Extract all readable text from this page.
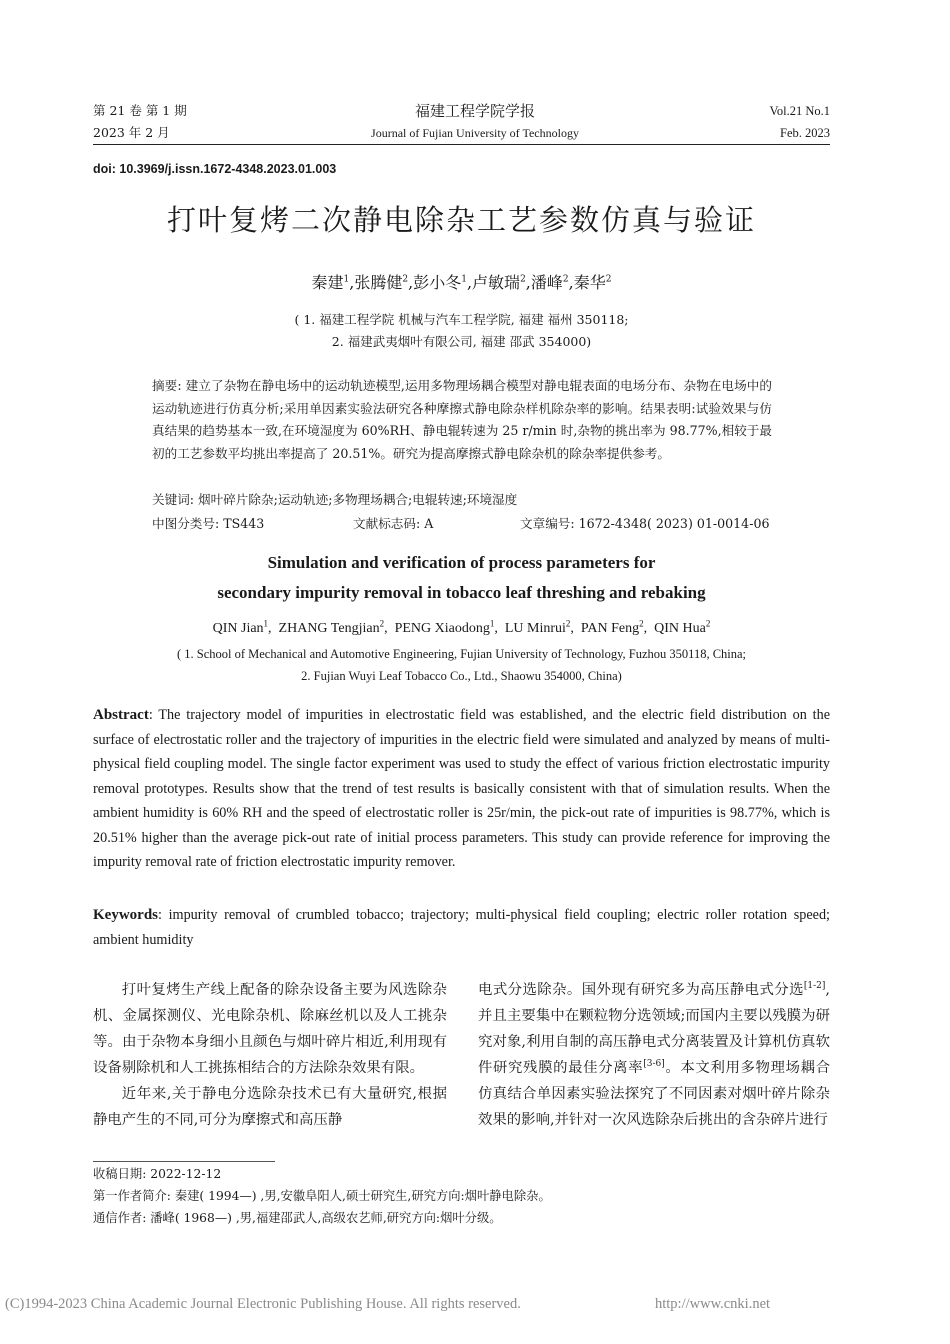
第 21 卷 第 1 期
2023 年 2 月
福建工程学院学报
Journal of Fujian University of Technology
Vol.21 No.1
Feb. 2023
doi: 10.3969/j.issn.1672-4348.2023.01.003
打叶复烤二次静电除杂工艺参数仿真与验证
秦建$^1$,张腾健$^2$,彭小冬$^1$,卢敏瑞$^2$,潘峰$^2$,秦华$^2$
( 1. 福建工程学院 机械与汽车工程学院, 福建 福州 350118;
2. 福建武夷烟叶有限公司, 福建 邵武 354000)
摘要: 建立了杂物在静电场中的运动轨迹模型,运用多物理场耦合模型对静电辊表面的电场分布、杂物在电场中的运动轨迹进行仿真分析;采用单因素实验法研究各种摩擦式静电除杂样机除杂率的影响。结果表明:试验效果与仿真结果的趋势基本一致,在环境湿度为 60%RH、静电辊转速为 25 r/min 时,杂物的挑出率为 98.77%,相较于最初的工艺参数平均挑出率提高了 20.51%。研究为提高摩擦式静电除杂机的除杂率提供参考。
关键词: 烟叶碎片除杂;运动轨迹;多物理场耦合;电辊转速;环境湿度
中图分类号: TS443	文献标志码: A	文章编号: 1672-4348( 2023) 01-0014-06
Simulation and verification of process parameters for
secondary impurity removal in tobacco leaf threshing and rebaking
QIN Jian$^1$,  ZHANG Tengjian$^2$,  PENG Xiaodong$^1$,  LU Minrui$^2$,  PAN Feng$^2$,  QIN Hua$^2$
( 1. School of Mechanical and Automotive Engineering, Fujian University of Technology, Fuzhou 350118, China;
2. Fujian Wuyi Leaf Tobacco Co., Ltd., Shaowu 354000, China)
Abstract: The trajectory model of impurities in electrostatic field was established, and the electric field distribution on the surface of electrostatic roller and the trajectory of impurities in the electric field were simulated and analyzed by means of multi-physical field coupling model. The single factor experiment was used to study the effect of various friction electrostatic impurity removal prototypes. Results show that the trend of test results is basically consistent with that of simulation results. When the ambient humidity is 60% RH and the speed of electrostatic roller is 25r/min, the pick-out rate of impurities is 98.77%, which is 20.51% higher than the average pick-out rate of initial process parameters. This study can provide reference for improving the impurity removal rate of friction electrostatic impurity remover.
Keywords: impurity removal of crumbled tobacco; trajectory; multi-physical field coupling; electric roller rotation speed; ambient humidity

打叶复烤生产线上配备的除杂设备主要为风选除杂机、金属探测仪、光电除杂机、除麻丝机以及人工挑杂等。由于杂物本身细小且颜色与烟叶碎片相近,利用现有设备剔除机和人工挑拣相结合的方法除杂效果有限。

近年来,关于静电分选除杂技术已有大量研究,根据静电产生的不同,可分为摩擦式和高压静

电式分选除杂。国外现有研究多为高压静电式分选[1-2],并且主要集中在颗粒物分选领域;而国内主要以残膜为研究对象,利用自制的高压静电式分离装置及计算机仿真软件研究残膜的最佳分离率[3-6]。本文利用多物理场耦合仿真结合单因素实验法探究了不同因素对烟叶碎片除杂效果的影响,并针对一次风选除杂后挑出的含杂碎片进行
收稿日期: 2022-12-12
第一作者简介: 秦建( 1994—) ,男,安徽阜阳人,硕士研究生,研究方向:烟叶静电除杂。
通信作者: 潘峰( 1968—) ,男,福建邵武人,高级农艺师,研究方向:烟叶分级。
(C)1994-2023 China Academic Journal Electronic Publishing House. All rights reserved.	http://www.cnki.net
